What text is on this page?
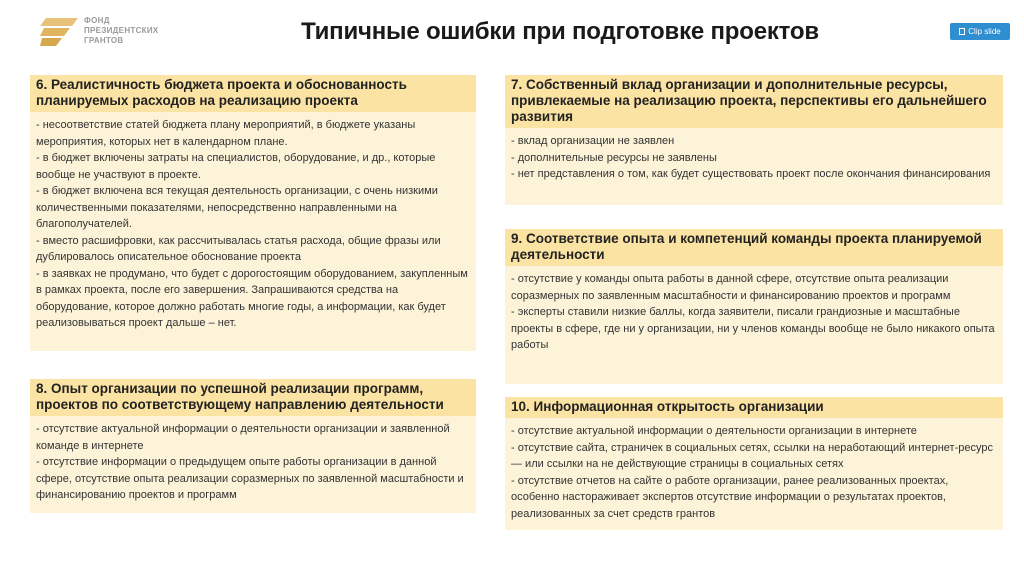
ФОНД
ПРЕЗИДЕНТСКИХ
ГРАНТОВ	Типичные ошибки при подготовке проектов	Clip slide
6. Реалистичность бюджета проекта и обоснованность планируемых расходов на реализацию проекта

- несоответствие статей бюджета плану мероприятий, в бюджете указаны мероприятия, которых нет в календарном плане.

- в бюджет включены затраты на специалистов, оборудование, и др., которые вообще не участвуют в проекте.

- в бюджет включена вся текущая деятельность организации, с очень низкими количественными показателями, непосредственно направленными на благополучателей.

- вместо расшифровки, как рассчитывалась статья расхода, общие фразы или дублировалось описательное обоснование проекта

- в заявках не продумано, что будет с дорогостоящим оборудованием, закупленным в рамках проекта, после его завершения. Запрашиваются средства на оборудование, которое должно работать многие годы, а информации, как будет реализовываться проект дальше – нет.

8. Опыт организации по успешной реализации программ, проектов по соответствующему направлению деятельности

- отсутствие актуальной информации о деятельности организации и заявленной команде в интернете

- отсутствие информации о предыдущем опыте работы организации в данной сфере, отсутствие опыта реализации соразмерных по заявленной масштабности и финансированию проектов и программ

7. Собственный вклад организации и дополнительные ресурсы, привлекаемые на реализацию проекта, перспективы его дальнейшего развития

- вклад организации не заявлен

- дополнительные ресурсы не заявлены

- нет представления о том, как будет существовать проект после окончания финансирования

9. Соответствие опыта и компетенций команды проекта планируемой деятельности

- отсутствие у команды опыта работы в данной сфере, отсутствие опыта реализации соразмерных по заявленным масштабности и финансированию проектов и программ

- эксперты ставили низкие баллы, когда заявители, писали грандиозные и масштабные проекты в сфере, где ни у организации, ни у членов команды вообще не было никакого опыта работы

10. Информационная открытость организации

- отсутствие актуальной информации о деятельности организации в интернете

- отсутствие сайта, страничек в социальных сетях, ссылки на неработающий интернет-ресурс — или ссылки на не действующие страницы в социальных сетях

- отсутствие отчетов на сайте о работе организации, ранее реализованных проектах, особенно настораживает экспертов отсутствие информации о результатах проектов, реализованных за счет средств грантов
